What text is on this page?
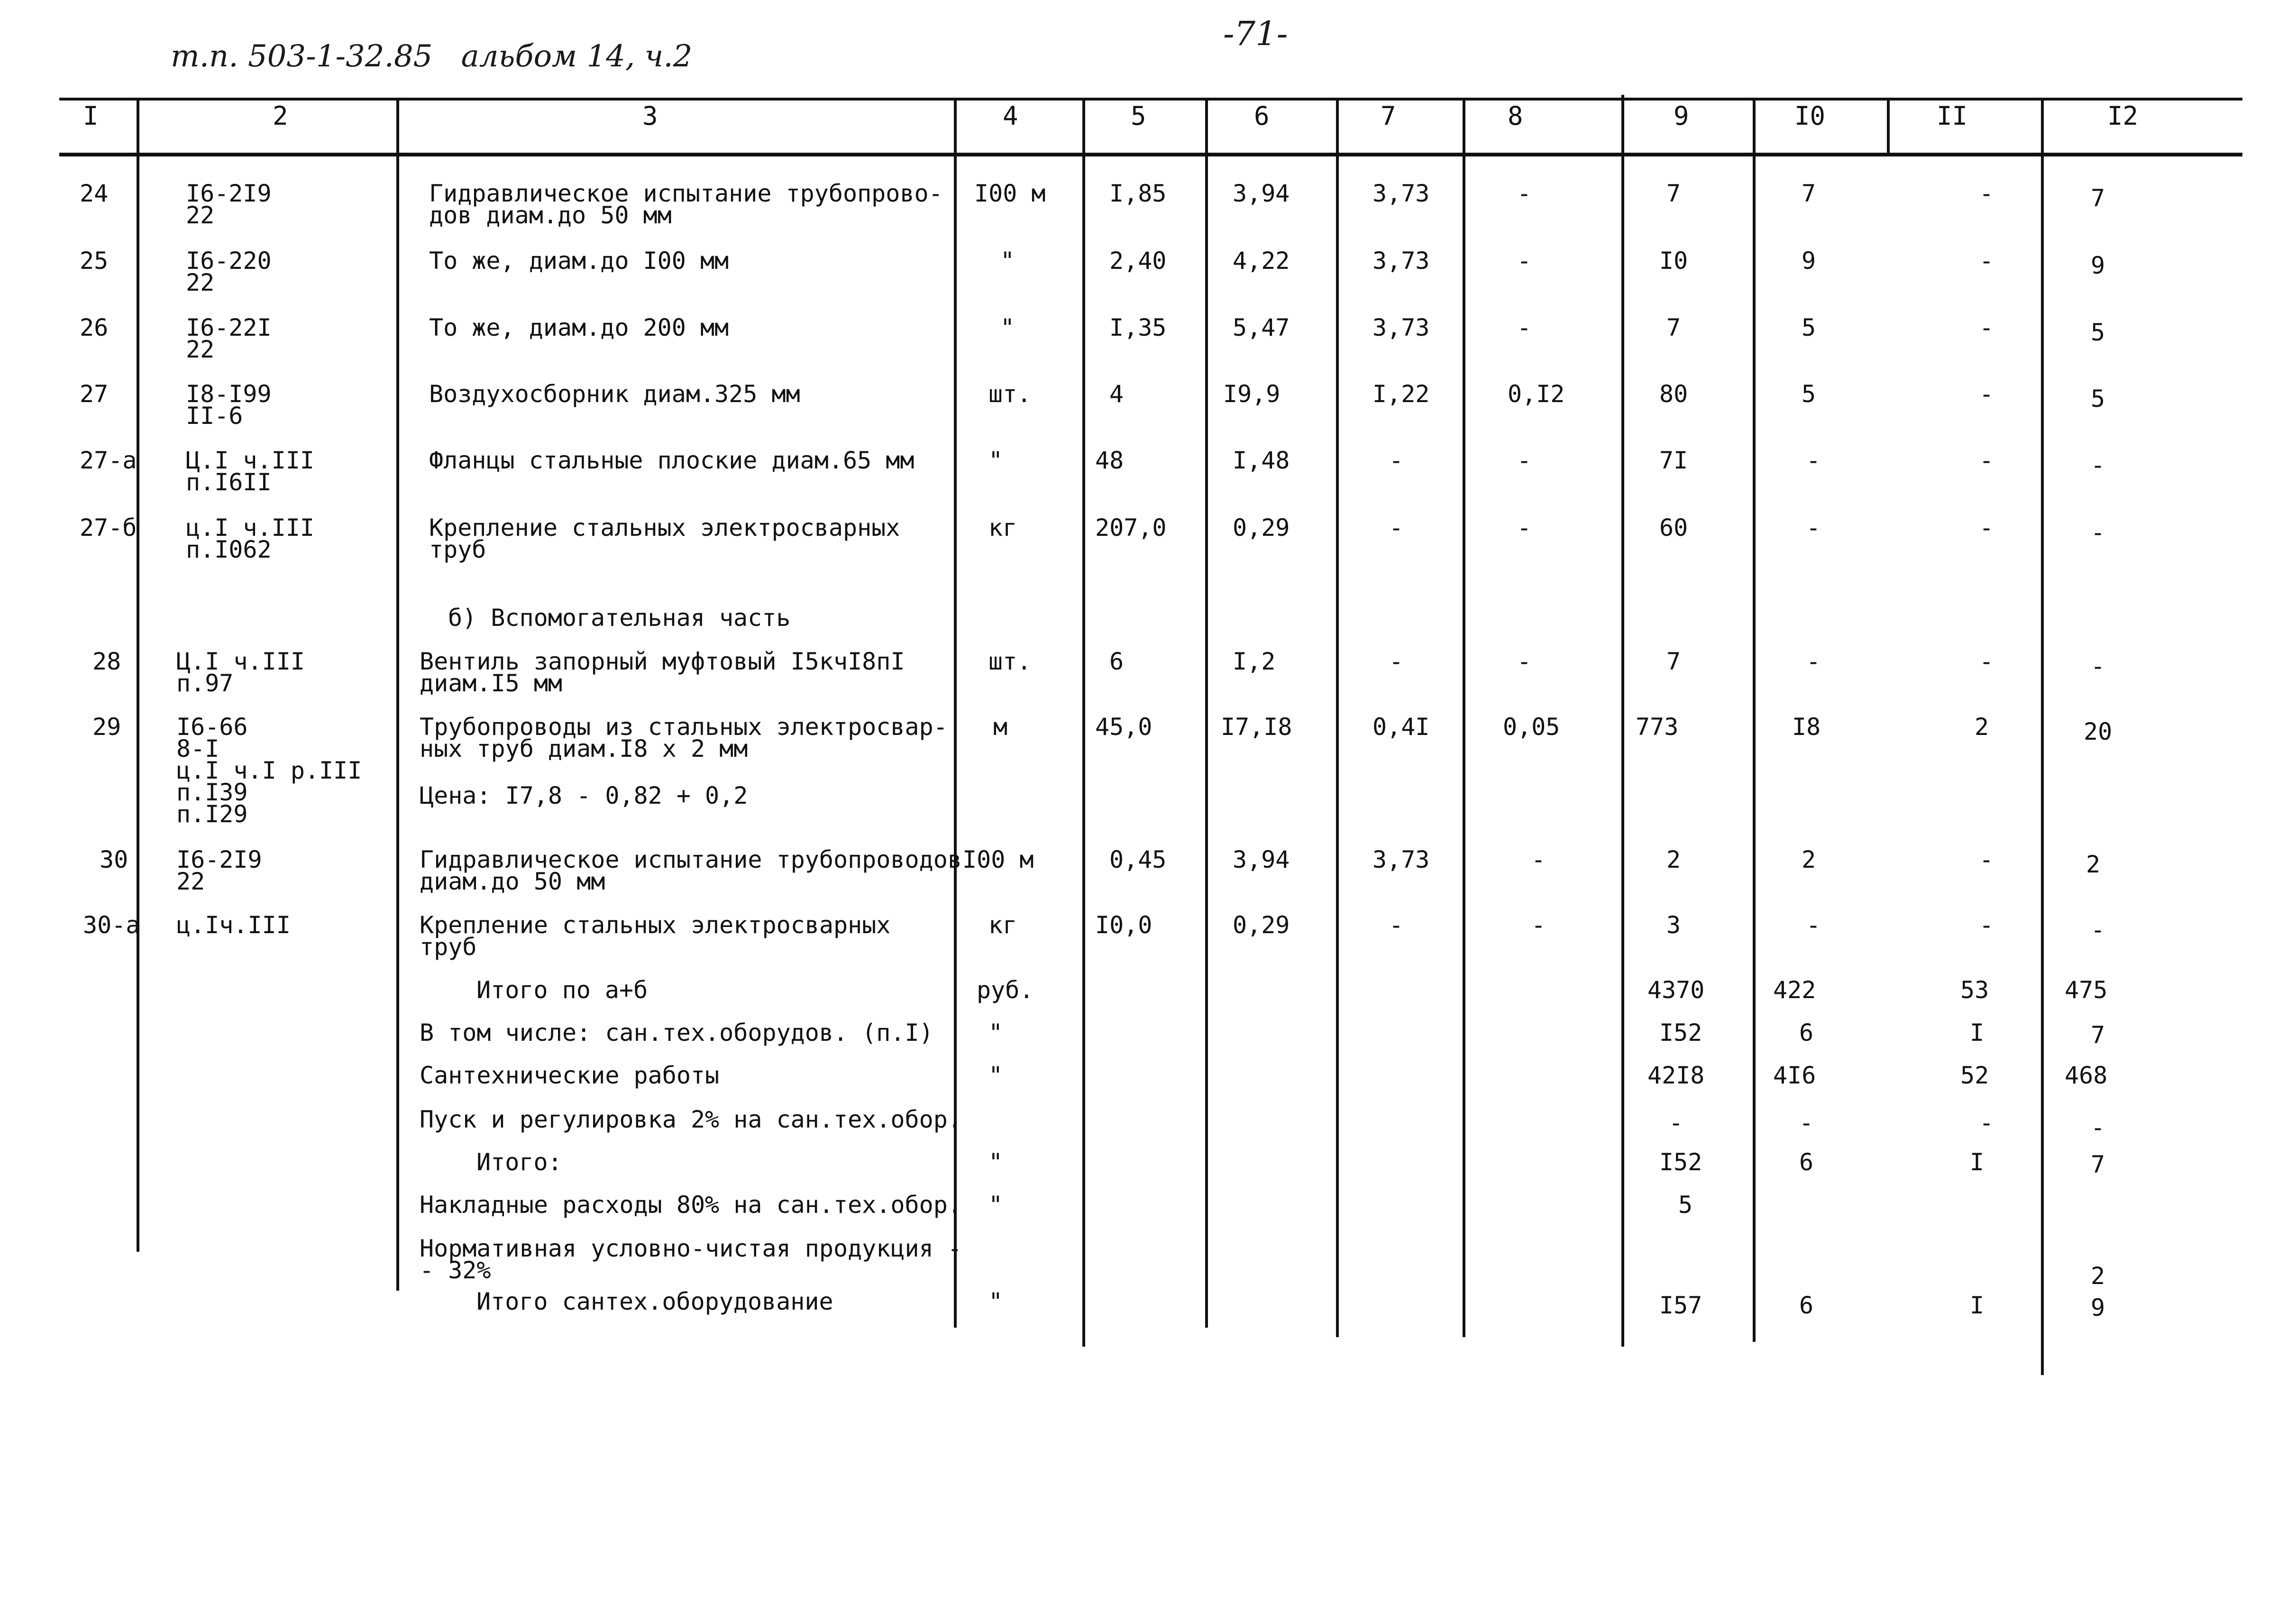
т.п. 503-1-32.85 альбом 14, ч.2
-71-
I	2	3	4	5	6	7	8	9	I0	II	I2
24	I6-2I9
22
Гидравлическое испытание трубопрово-
дов диам.до 50 мм
I00 м	I,85	3,94	3,73	-	7	7	-	7
25	I6-220
22
То же, диам.до I00 мм	"	2,40	4,22	3,73	-	I0	9	-	9
26	I6-22I
22
То же, диам.до 200 мм	"	I,35	5,47	3,73	-	7	5	-	5
27	I8-I99
II-6
Воздухосборник диам.325 мм	шт.	4	I9,9	I,22	0,I2	80	5	-	5
27-а Ц.I ч.III
п.I6II
Фланцы стальные плоские диам.65 мм	"	48	I,48	-	-	7I	-	-	-
27-б ц.I ч.III
п.I062
Крепление стальных электросварных
труб
кг	207,0	0,29	-	-	60	-	-	-
б) Вспомогательная часть
28 Ц.I ч.III
п.97
Вентиль запорный муфтовый I5кчI8пI
диам.I5 мм
шт.	6	I,2	-	-	7	-	-	-
29 I6-66
8-I
ц.I ч.I р.III
п.I39
п.I29
Трубопроводы из стальных электросвар-
ных труб диам.I8 х 2 мм
м	45,0	I7,I8	0,4I	0,05	773	I8	2	20
Цена: I7,8 - 0,82 + 0,2
30 I6-2I9
22
Гидравлическое испытание трубопроводов
диам.до 50 мм
I00 м	0,45	3,94	3,73	-	2	2	-	2
30-а ц.Iч.III	Крепление стальных электросварных
труб
кг	I0,0	0,29	-	-	3	-	-	-
Итого по а+б	руб.	4370	422	53	475
В том числе: сан.тех.оборудов. (п.I) "	I52	6	I	7
Сантехнические работы	"	42I8	4I6	52	468
Пуск и регулировка 2% на сан.тех.обор.	-	-	-	-
Итого:	"	I52	6	I	7
Накладные расходы 80% на сан.тех.обор. "	5
Нормативная условно-чистая продукция -
- 32%	2
Итого сантех.оборудование	"	I57	6	I	9
